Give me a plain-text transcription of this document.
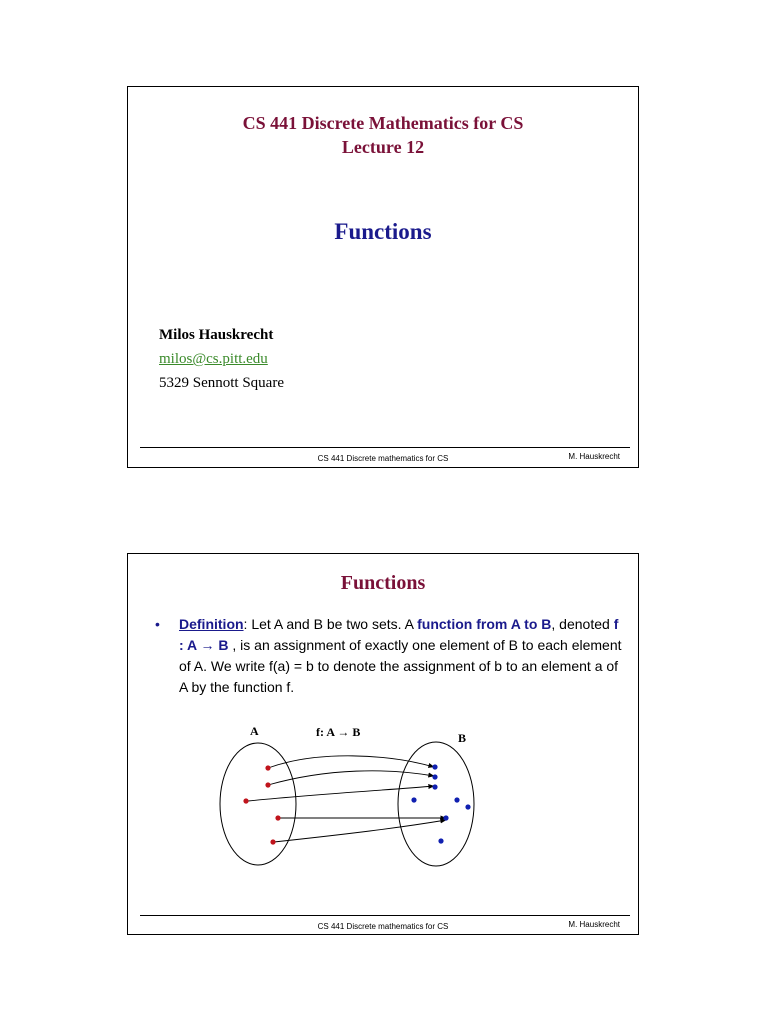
CS 441 Discrete Mathematics for CS
Lecture 12
Functions
Milos Hauskrecht
milos@cs.pitt.edu
5329 Sennott Square
CS 441 Discrete mathematics for CS	M. Hauskrecht
Functions
• Definition: Let A and B be two sets. A function from A to B, denoted f : A → B , is an assignment of exactly one element of B to each element of A. We write f(a) = b to denote the assignment of b to an element a of A by the function f.
A	f: A → B	B
CS 441 Discrete mathematics for CS	M. Hauskrecht
